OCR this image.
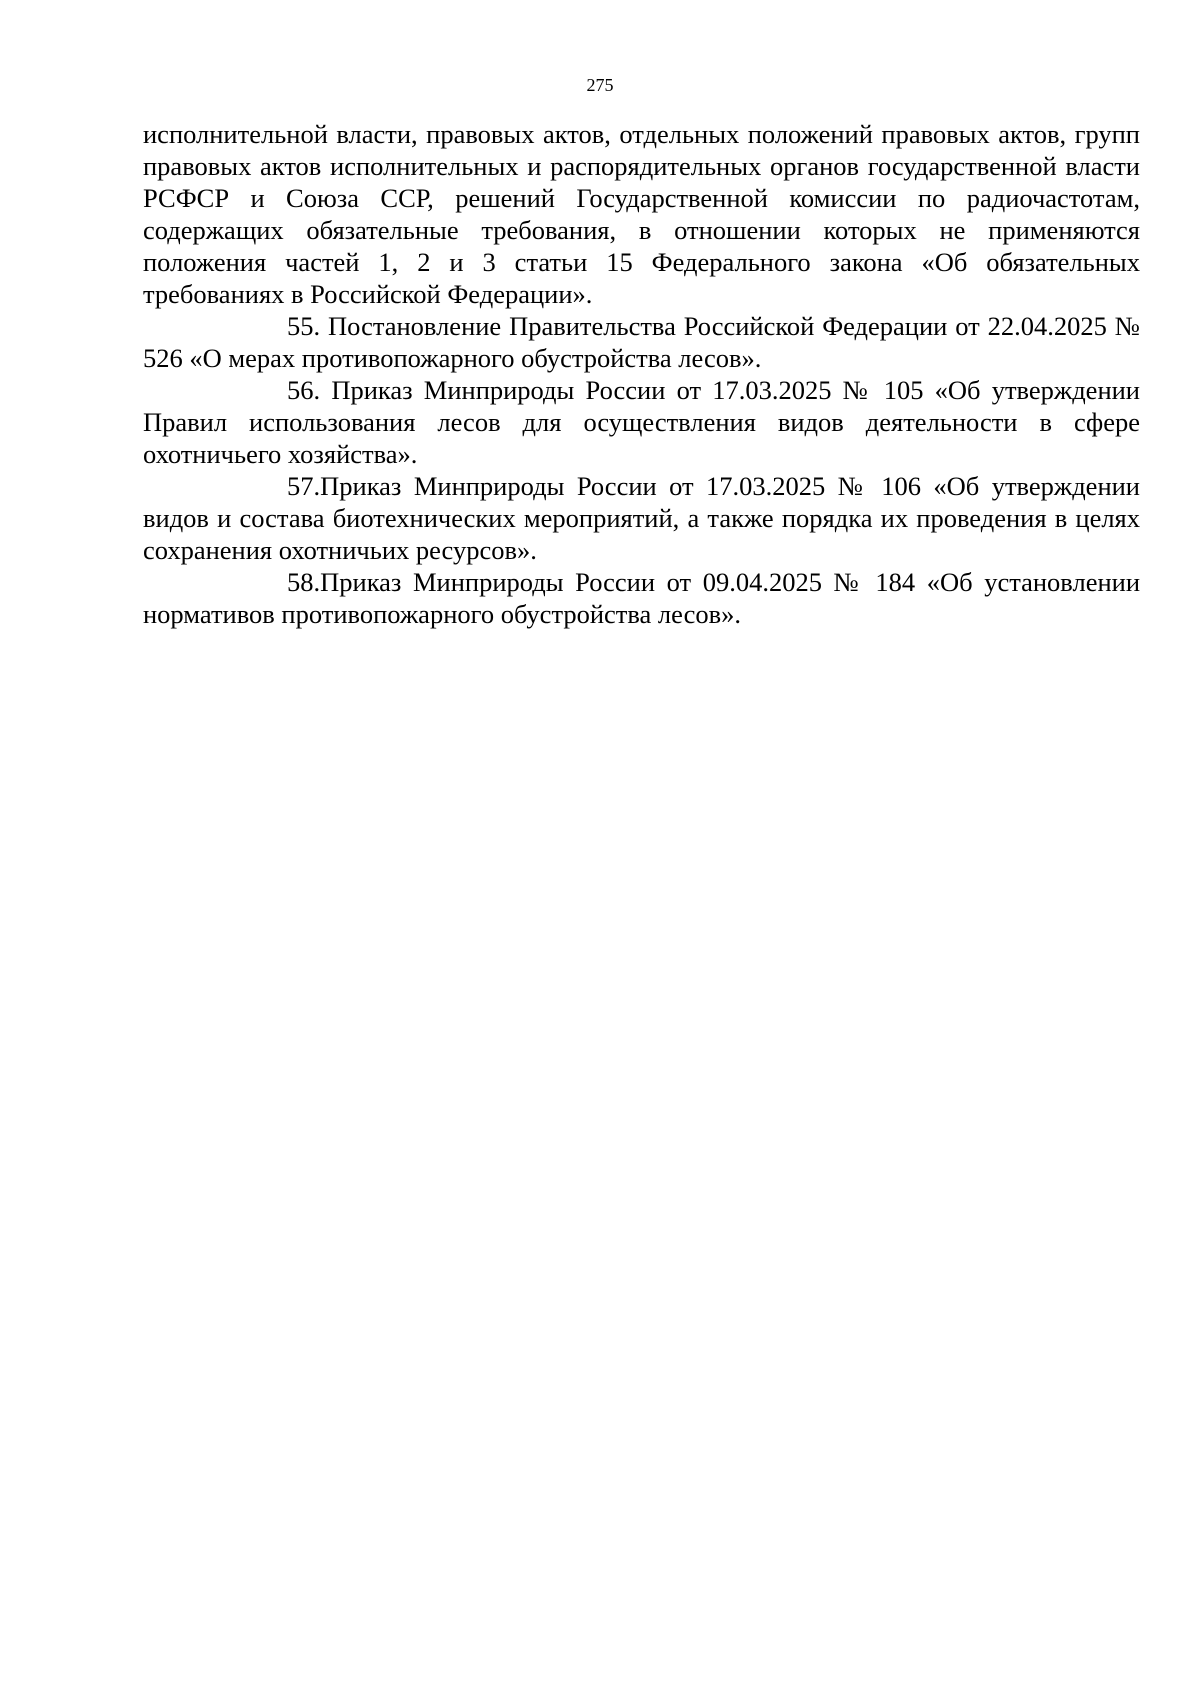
275

исполнительной власти, правовых актов, отдельных положений правовых актов, групп правовых актов исполнительных и распорядительных органов государственной власти РСФСР и Союза ССР, решений Государственной комиссии по радиочастотам, содержащих обязательные требования, в отношении которых не применяются положения частей 1, 2 и 3 статьи 15 Федерального закона «Об обязательных требованиях в Российской Федерации».

55. Постановление Правительства Российской Федерации от 22.04.2025 № 526 «О мерах противопожарного обустройства лесов».

56. Приказ Минприроды России от 17.03.2025 № 105 «Об утверждении Правил использования лесов для осуществления видов деятельности в сфере охотничьего хозяйства».

57.Приказ Минприроды России от 17.03.2025 № 106 «Об утверждении видов и состава биотехнических мероприятий, а также порядка их проведения в целях сохранения охотничьих ресурсов».

58.Приказ Минприроды России от 09.04.2025 № 184 «Об установлении нормативов противопожарного обустройства лесов».
